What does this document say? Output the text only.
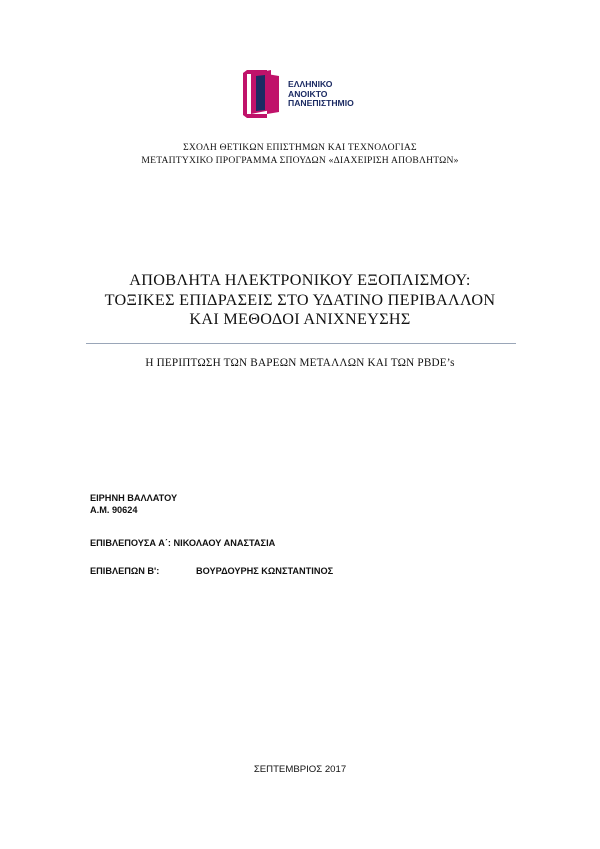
ΕΛΛΗΝΙΚΟ
ΑΝΟΙΚΤΟ
ΠΑΝΕΠΙΣΤΗΜΙΟ
ΣΧΟΛΗ ΘΕΤΙΚΩΝ ΕΠΙΣΤΗΜΩΝ ΚΑΙ ΤΕΧΝΟΛΟΓΙΑΣ
ΜΕΤΑΠΤΥΧΙΚΟ ΠΡΟΓΡΑΜΜΑ ΣΠΟΥΔΩΝ «ΔΙΑΧΕΙΡΙΣΗ ΑΠΟΒΛΗΤΩΝ»
ΑΠΟΒΛΗΤΑ ΗΛΕΚΤΡΟΝΙΚΟΥ ΕΞΟΠΛΙΣΜΟΥ:
ΤΟΞΙΚΕΣ ΕΠΙΔΡΑΣΕΙΣ ΣΤΟ ΥΔΑΤΙΝΟ ΠΕΡΙΒΑΛΛΟΝ
ΚΑΙ ΜΕΘΟΔΟΙ ΑΝΙΧΝΕΥΣΗΣ
Η ΠΕΡΙΠΤΩΣΗ ΤΩΝ ΒΑΡΕΩΝ ΜΕΤΑΛΛΩΝ ΚΑΙ ΤΩΝ PBDE’s
ΕΙΡΗΝΗ ΒΑΛΛΑΤΟΥ
Α.Μ. 90624
ΕΠΙΒΛΕΠΟΥΣΑ Α΄: ΝΙΚΟΛΑΟΥ ΑΝΑΣΤΑΣΙΑ
ΕΠΙΒΛΕΠΩΝ Β':	ΒΟΥΡΔΟΥΡΗΣ ΚΩΝΣΤΑΝΤΙΝΟΣ
ΣΕΠΤΕΜΒΡΙΟΣ 2017
